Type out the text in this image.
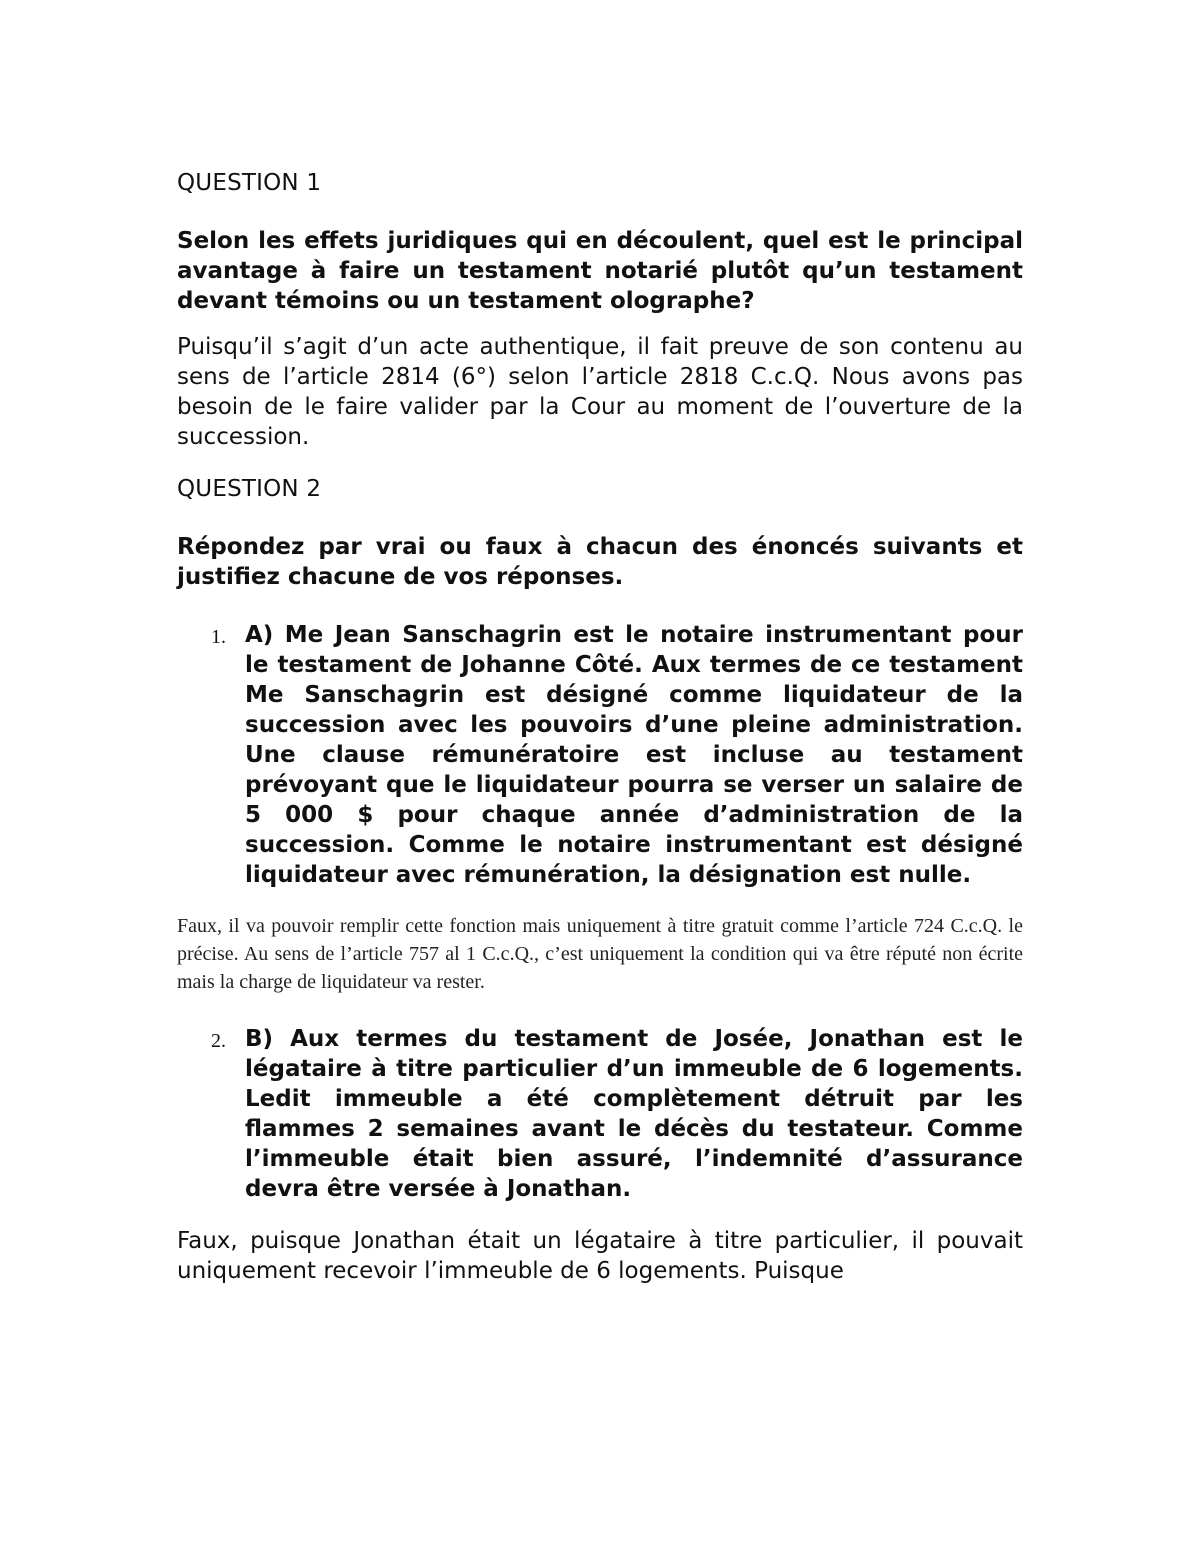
QUESTION 1
Selon les effets juridiques qui en découlent, quel est le principal avantage à faire un testament notarié plutôt qu’un testament devant témoins ou un testament olographe?
Puisqu’il s’agit d’un acte authentique, il fait preuve de son contenu au sens de l’article 2814 (6°) selon l’article 2818 C.c.Q. Nous avons pas besoin de le faire valider par la Cour au moment de l’ouverture de la succession.
QUESTION 2
Répondez par vrai ou faux à chacun des énoncés suivants et justifiez chacune de vos réponses.
1. A) Me Jean Sanschagrin est le notaire instrumentant pour le testament de Johanne Côté. Aux termes de ce testament Me Sanschagrin est désigné comme liquidateur de la succession avec les pouvoirs d’une pleine administration. Une clause rémunératoire est incluse au testament prévoyant que le liquidateur pourra se verser un salaire de 5 000 $ pour chaque année d’administration de la succession. Comme le notaire instrumentant est désigné liquidateur avec rémunération, la désignation est nulle.
Faux, il va pouvoir remplir cette fonction mais uniquement à titre gratuit comme l’article 724 C.c.Q. le précise. Au sens de l’article 757 al 1 C.c.Q., c’est uniquement la condition qui va être réputé non écrite mais la charge de liquidateur va rester.
2. B) Aux termes du testament de Josée, Jonathan est le légataire à titre particulier d’un immeuble de 6 logements. Ledit immeuble a été complètement détruit par les flammes 2 semaines avant le décès du testateur. Comme l’immeuble était bien assuré, l’indemnité d’assurance devra être versée à Jonathan.
Faux, puisque Jonathan était un légataire à titre particulier, il pouvait uniquement recevoir l’immeuble de 6 logements. Puisque
